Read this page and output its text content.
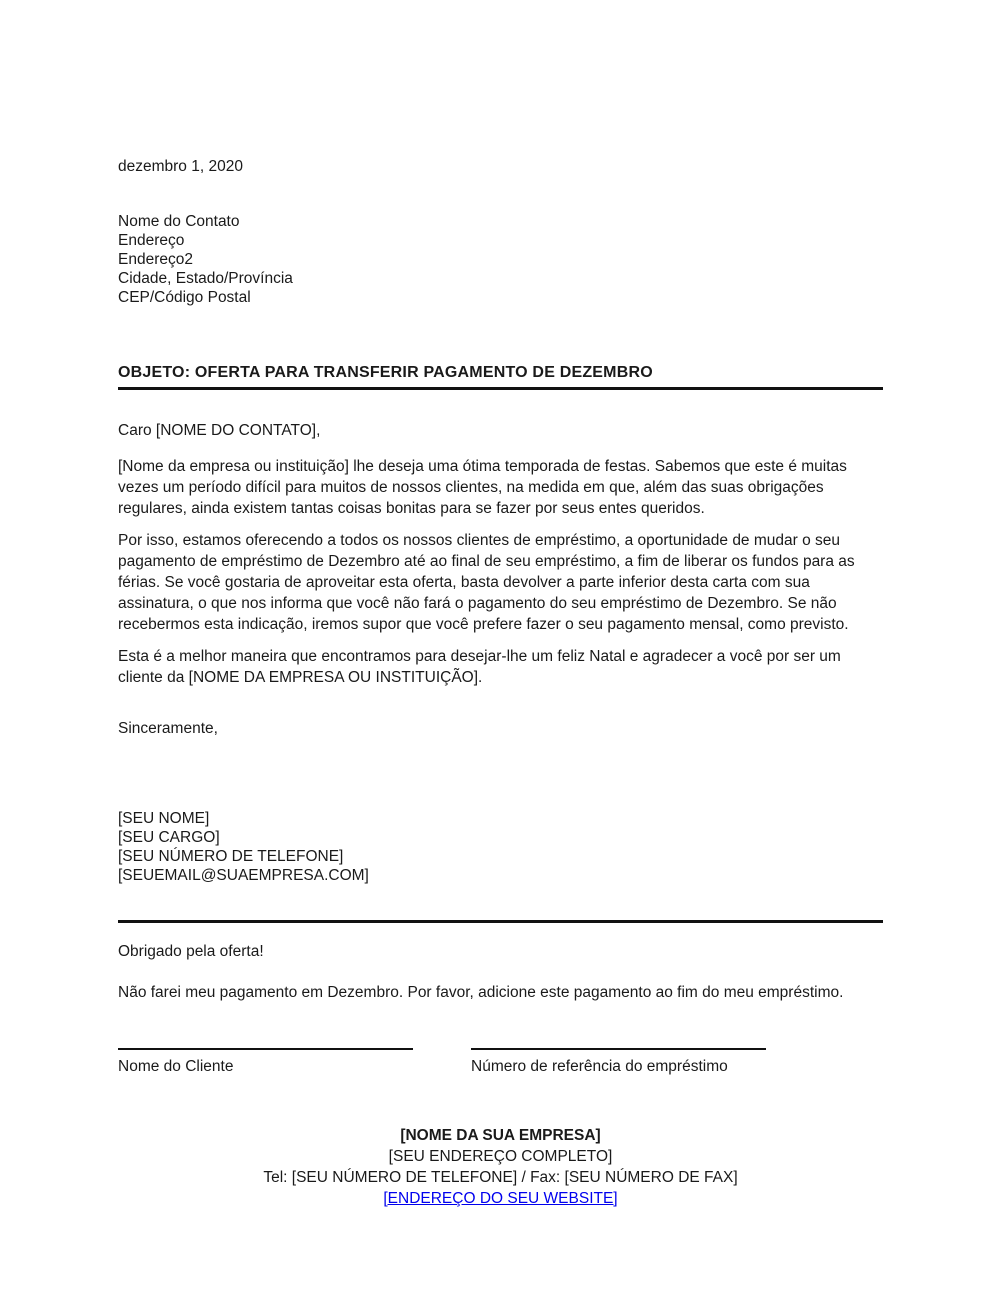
dezembro 1, 2020
Nome do Contato
Endereço
Endereço2
Cidade, Estado/Província
CEP/Código Postal
OBJETO: OFERTA PARA TRANSFERIR PAGAMENTO DE DEZEMBRO
Caro [NOME DO CONTATO],

[Nome da empresa ou instituição] lhe deseja uma ótima temporada de festas. Sabemos que este é muitas vezes um período difícil para muitos de nossos clientes, na medida em que, além das suas obrigações regulares, ainda existem tantas coisas bonitas para se fazer por seus entes queridos.

Por isso, estamos oferecendo a todos os nossos clientes de empréstimo, a oportunidade de mudar o seu pagamento de empréstimo de Dezembro até ao final de seu empréstimo, a fim de liberar os fundos para as férias. Se você gostaria de aproveitar esta oferta, basta devolver a parte inferior desta carta com sua assinatura, o que nos informa que você não fará o pagamento do seu empréstimo de Dezembro. Se não recebermos esta indicação, iremos supor que você prefere fazer o seu pagamento mensal, como previsto.

Esta é a melhor maneira que encontramos para desejar-lhe um feliz Natal e agradecer a você por ser um cliente da [NOME DA EMPRESA OU INSTITUIÇÃO].

Sinceramente,
[SEU NOME]
[SEU CARGO]
[SEU NÚMERO DE TELEFONE]
[SEUEMAIL@SUAEMPRESA.COM]
Obrigado pela oferta!

Não farei meu pagamento em Dezembro. Por favor, adicione este pagamento ao fim do meu empréstimo.

Nome do Cliente	Número de referência do empréstimo
[NOME DA SUA EMPRESA]
[SEU ENDEREÇO COMPLETO]
Tel: [SEU NÚMERO DE TELEFONE] / Fax: [SEU NÚMERO DE FAX]
[ENDEREÇO DO SEU WEBSITE]
